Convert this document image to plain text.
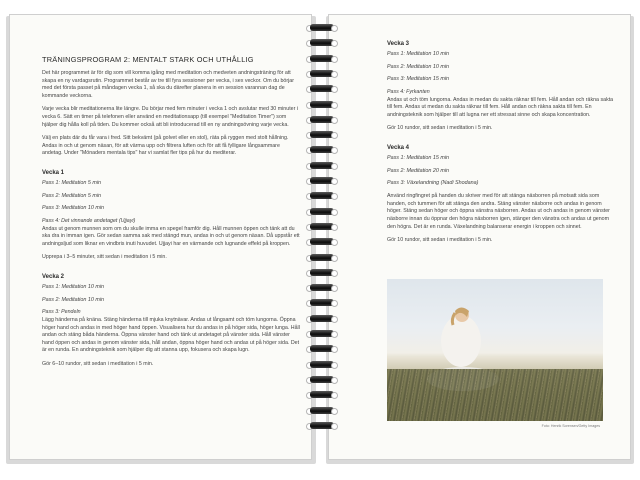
TRÄNINGSPROGRAM 2: MENTALT STARK OCH UTHÅLLIG

Det här programmet är för dig som vill komma igång med meditation och medveten andningsträning för att skapa en ny vardagsrutin. Programmet består av tre till fyra sessioner per vecka, i sex veckor. Om du börjar med det första passet på måndagen vecka 1, så ska du därefter planera in en session varannan dag de kommande veckorna.

Varje vecka blir meditationerna lite längre. Du börjar med fem minuter i vecka 1 och avslutar med 30 minuter i vecka 6. Sätt en timer på telefonen eller använd en meditationsapp (till exempel "Meditation Timer") som hjälper dig hålla koll på tiden. Du kommer också att bli introducerad till en ny andningsövning varje vecka.

Välj en plats där du får vara i fred. Sitt bekvämt (på golvet eller en stol), räta på ryggen med stolt hållning. Andas in och ut genom näsan, för att värma upp och filtrera luften och för att få fylligare långsammare andetag. Under "Mönaders mentala tips" har vi samlat fler tips på hur du mediterar.

Vecka 1
Pass 1: Meditation 5 min
Pass 2: Meditation 5 min
Pass 3: Meditation 10 min
Pass 4: Det vinnande andetaget (Ujjayi)
Andas ut genom munnen som om du skulle imma en spegel framför dig. Håll munnen öppen och tänk att du ska dra in imman igen. Gör sedan samma sak med stängd mun, andas in och ut genom näsan. Då uppstår ett andningsljud som liknar en vindbris inuti huvudet. Ujjayi har en värmande och lugnande effekt på kroppen.
Upprepa i 3–5 minuter, sitt sedan i meditation i 5 min.
Vecka 2
Pass 1: Meditation 10 min
Pass 2: Meditation 10 min
Pass 3: Pendeln
Lägg händerna på knäna. Stäng händerna till mjuka knytnävar. Andas ut långsamt och töm lungorna. Öppna höger hand och andas in med höger hand öppen. Visualisera hur du andas in på höger sida, höger lunga. Håll andan och stäng båda händerna. Öppna vänster hand och tänk ut andetaget på vänster sida. Håll vänster hand öppen och andas in genom vänster sida, håll andan, öppna höger hand och andas ut på höger sida. Det är en runda. En andningsteknik som hjälper dig att stanna upp, fokusera och skapa lugn.
Gör 6–10 rundor, sitt sedan i meditation i 5 min.
Vecka 3
Pass 1: Meditation 10 min
Pass 2: Meditation 10 min
Pass 3: Meditation 15 min
Pass 4: Fyrkanten
Andas ut och töm lungorna. Andas in medan du sakta räknar till fem. Håll andan och räkna sakta till fem. Andas ut medan du sakta räknar till fem. Håll andan och räkna sakta till fem. En andningsteknik som hjälper till att lugna ner ett stressat sinne och skapa koncentration.
Gör 10 rundor, sitt sedan i meditation i 5 min.
Vecka 4
Pass 1: Meditation 15 min
Pass 2: Meditation 20 min
Pass 3: Växelandning (Nadi Shodana)
Använd ringfingret på handen du skriver med för att stänga näsborren på motsatt sida som handen, och tummen för att stänga den andra. Stäng vänster näsborre och andas in genom höger. Stäng sedan höger och öppna vänstra näsborren. Andas ut och andas in genom vänster näsborre innan du öppnar den högra näsborren igen, stänger den vänstra och andas ut genom den högra. Det är en runda. Växelandning balanserar energin i kroppen och sinnet.
Gör 10 rundor, sitt sedan i meditation i 5 min.
Foto: Henrik Sorensen/Getty Images
